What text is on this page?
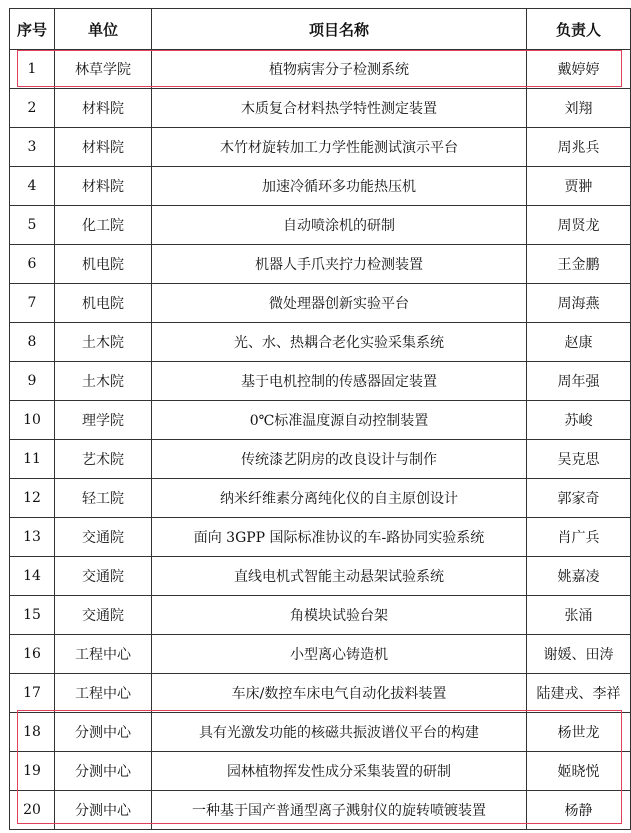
序号	单位	项目名称	负责人
1	林草学院	植物病害分子检测系统	戴婷婷
2	材料院	木质复合材料热学特性测定装置	刘翔
3	材料院	木竹材旋转加工力学性能测试演示平台	周兆兵
4	材料院	加速冷循环多功能热压机	贾翀
5	化工院	自动喷涂机的研制	周贤龙
6	机电院	机器人手爪夹拧力检测装置	王金鹏
7	机电院	微处理器创新实验平台	周海燕
8	土木院	光、水、热耦合老化实验采集系统	赵康
9	土木院	基于电机控制的传感器固定装置	周年强
10	理学院	0℃标准温度源自动控制装置	苏峻
11	艺术院	传统漆艺阴房的改良设计与制作	吴克思
12	轻工院	纳米纤维素分离纯化仪的自主原创设计	郭家奇
13	交通院	面向 3GPP 国际标准协议的车-路协同实验系统	肖广兵
14	交通院	直线电机式智能主动悬架试验系统	姚嘉凌
15	交通院	角模块试验台架	张涌
16	工程中心	小型离心铸造机	谢媛、田涛
17	工程中心	车床/数控车床电气自动化拔料装置	陆建戎、李祥
18	分测中心	具有光激发功能的核磁共振波谱仪平台的构建	杨世龙
19	分测中心	园林植物挥发性成分采集装置的研制	姬晓悦
20	分测中心	一种基于国产普通型离子溅射仪的旋转喷镀装置	杨静
